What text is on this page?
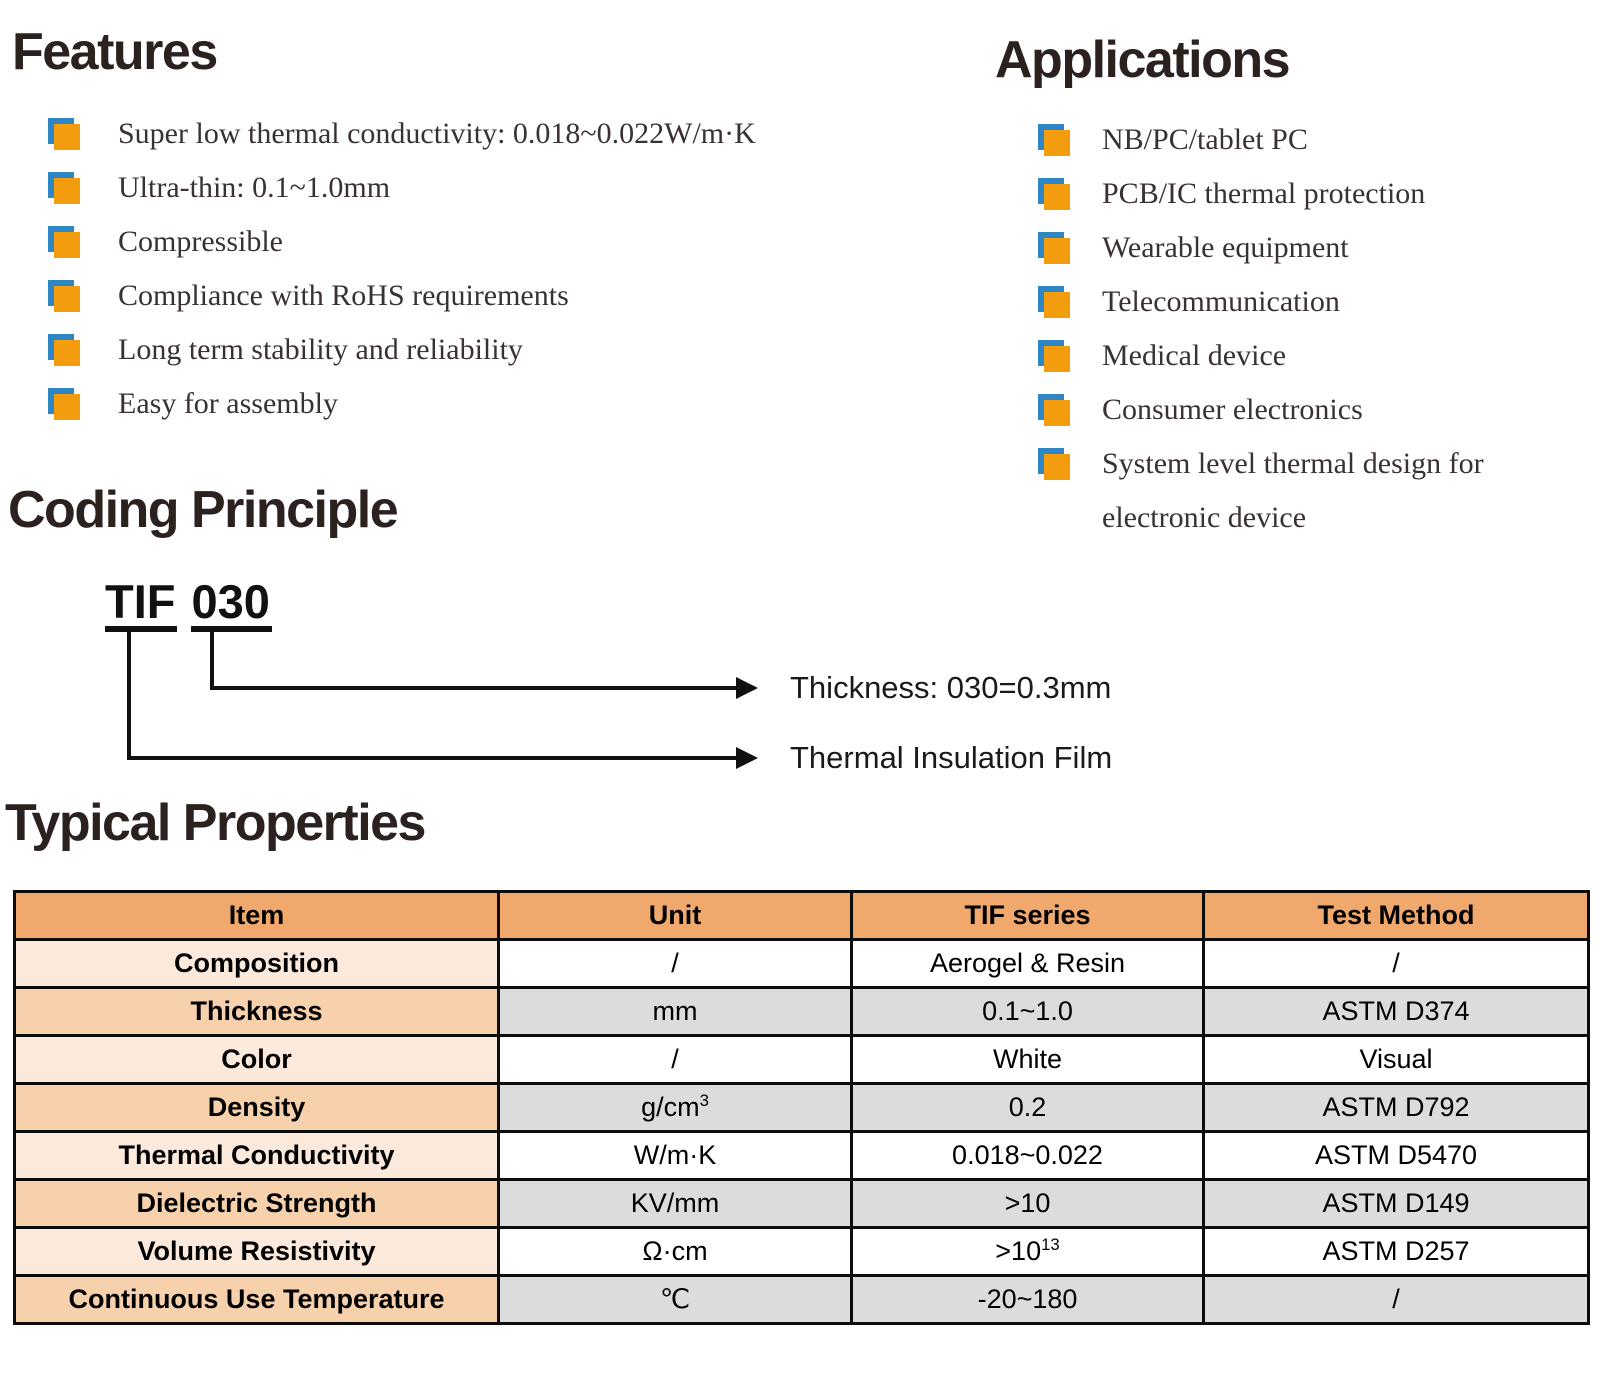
Features
Super low thermal conductivity: 0.018~0.022W/m·K
Ultra-thin: 0.1~1.0mm
Compressible
Compliance with RoHS requirements
Long term stability and reliability
Easy for assembly
Applications
NB/PC/tablet PC
PCB/IC thermal protection
Wearable equipment
Telecommunication
Medical device
Consumer electronics
System level thermal design for
electronic device
Coding Principle
TIF 030
Thickness: 030=0.3mm
Thermal Insulation Film
Typical Properties
Item	Unit	TIF series	Test Method
Composition	/	Aerogel & Resin	/
Thickness	mm	0.1~1.0	ASTM D374
Color	/	White	Visual
Density	$g/cm^3$	0.2	ASTM D792
Thermal Conductivity	W/m·K	0.018~0.022	ASTM D5470
Dielectric Strength	KV/mm	>10	ASTM D149
Volume Resistivity	Ω·cm	$>10^{13}$	ASTM D257
Continuous Use Temperature	℃	-20~180	/
